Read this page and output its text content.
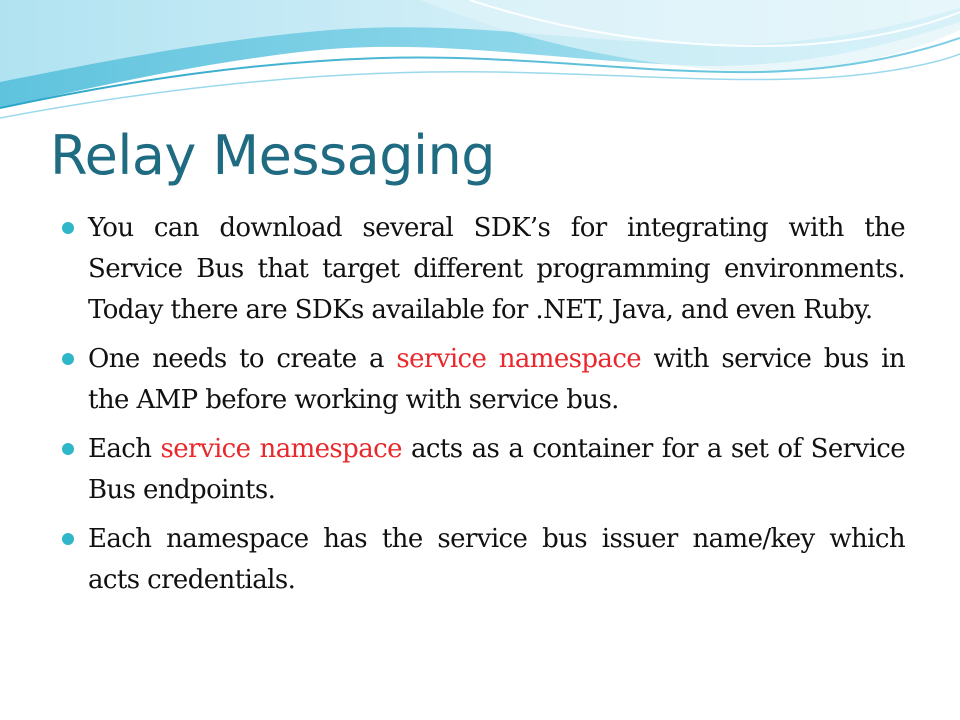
Relay Messaging
You can download several SDK’s for integrating with the Service Bus that target different programming environments. Today there are SDKs available for .NET, Java, and even Ruby.
One needs to create a service namespace with service bus in the AMP before working with service bus.
Each service namespace acts as a container for a set of Service Bus endpoints.
Each namespace has the service bus issuer name/key which acts credentials.
